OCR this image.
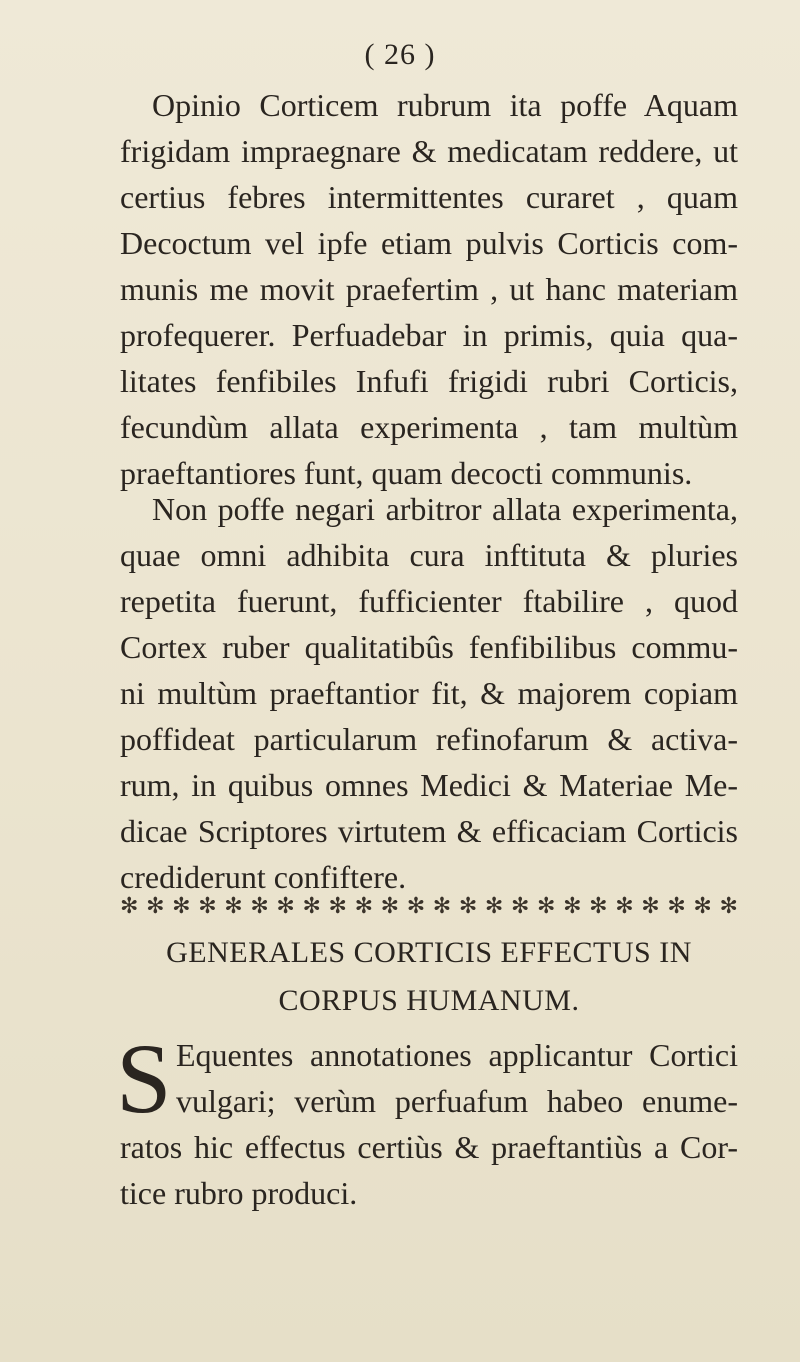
( 26 )
Opinio Corticem rubrum ita poffe Aquam
frigidam impraegnare & medicatam reddere, ut
certius febres intermittentes curaret , quam
Decoctum vel ipfe etiam pulvis Corticis com-
munis me movit praefertim , ut hanc materiam
profequerer. Perfuadebar in primis, quia qua-
litates fenfibiles Infufi frigidi rubri Corticis,
fecundùm allata experimenta , tam multùm
praeftantiores funt, quam decocti communis.
Non poffe negari arbitror allata experimenta,
quae omni adhibita cura inftituta & pluries
repetita fuerunt, fufficienter ftabilire , quod
Cortex ruber qualitatibûs fenfibilibus commu-
ni multùm praeftantior fit, & majorem copiam
poffideat particularum refinofarum & activa-
rum, in quibus omnes Medici & Materiae Me-
dicae Scriptores virtutem & efficaciam Corticis
crediderunt confiftere.
✻ ✻ ✻ ✻ ✻ ✻ ✻ ✻ ✻ ✻ ✻ ✻ ✻ ✻ ✻ ✻ ✻ ✻ ✻ ✻ ✻ ✻ ✻ ✻
GENERALES CORTICIS EFFECTUS IN
CORPUS HUMANUM.
S Equentes annotationes applicantur Cortici
vulgari; verùm perfuafum habeo enume-
ratos hic effectus certiùs & praeftantiùs a Cor-
tice rubro produci.
